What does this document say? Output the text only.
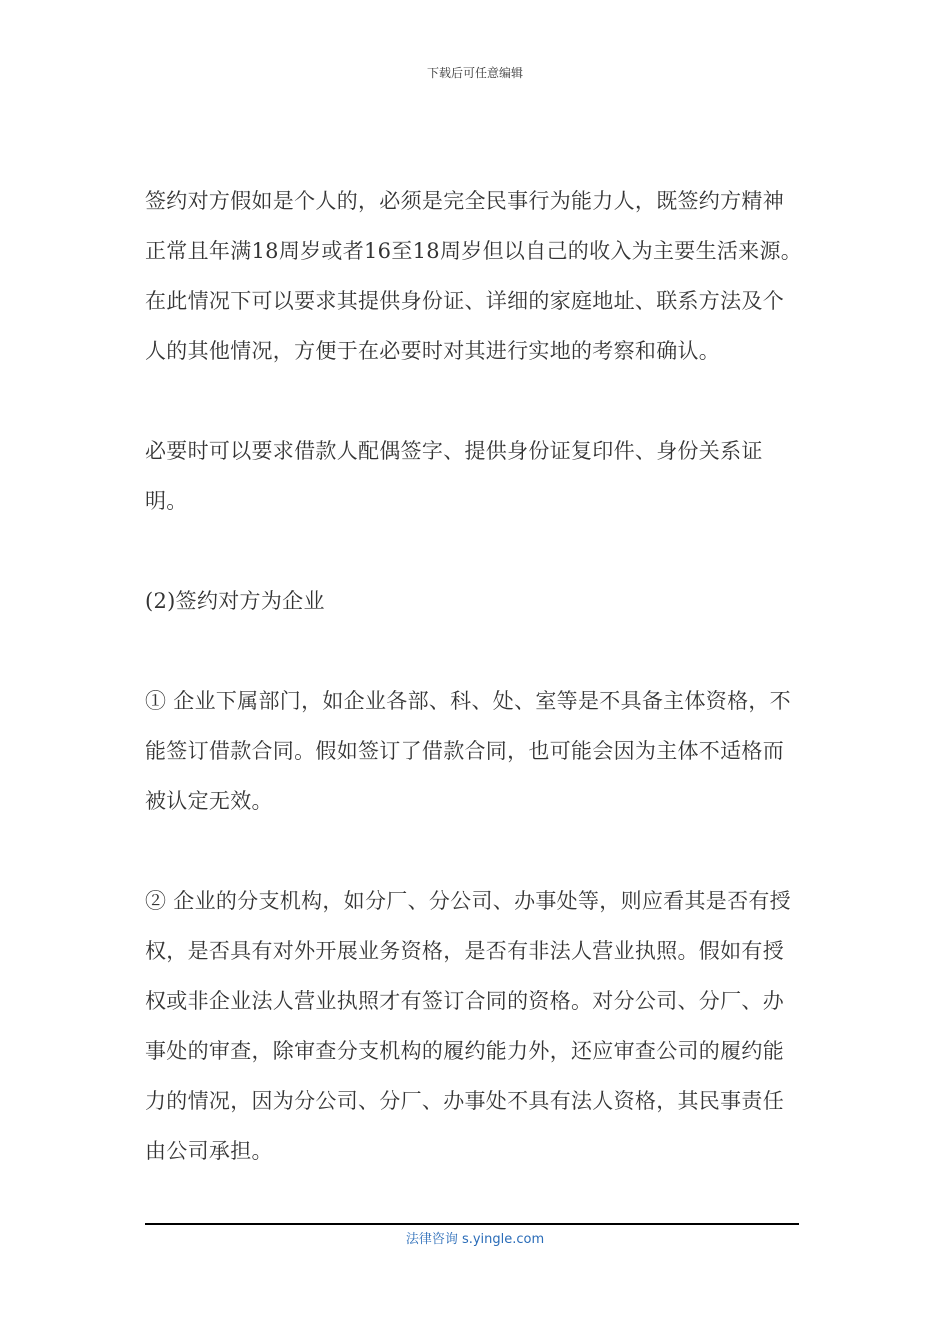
下载后可任意编辑

签约对方假如是个人的，必须是完全民事行为能力人，既签约方精神正常且年满18周岁或者16至18周岁但以自己的收入为主要生活来源。在此情况下可以要求其提供身份证、详细的家庭地址、联系方法及个人的其他情况，方便于在必要时对其进行实地的考察和确认。

必要时可以要求借款人配偶签字、提供身份证复印件、身份关系证明。

(2)签约对方为企业

① 企业下属部门，如企业各部、科、处、室等是不具备主体资格，不能签订借款合同。假如签订了借款合同，也可能会因为主体不适格而被认定无效。

② 企业的分支机构，如分厂、分公司、办事处等，则应看其是否有授权，是否具有对外开展业务资格，是否有非法人营业执照。假如有授权或非企业法人营业执照才有签订合同的资格。对分公司、分厂、办事处的审查，除审查分支机构的履约能力外，还应审查公司的履约能力的情况，因为分公司、分厂、办事处不具有法人资格，其民事责任由公司承担。

法律咨询 s.yingle.com
